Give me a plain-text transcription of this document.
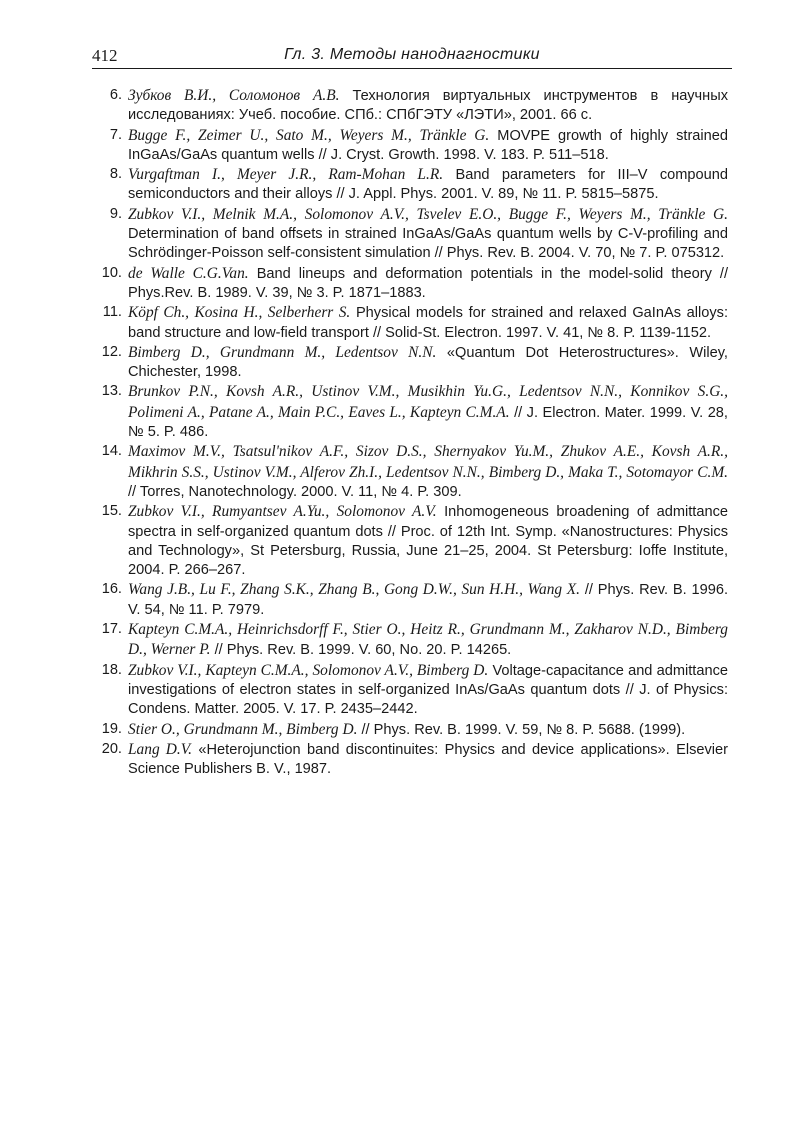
412	Гл. 3. Методы наноднагностики
6. Зубков В.И., Соломонов А.В. Технология виртуальных инструментов в научных исследованиях: Учеб. пособие. СПб.: СПбГЭТУ «ЛЭТИ», 2001. 66 с.
7. Bugge F., Zeimer U., Sato M., Weyers M., Tränkle G. MOVPE growth of highly strained InGaAs/GaAs quantum wells // J. Cryst. Growth. 1998. V. 183. P. 511–518.
8. Vurgaftman I., Meyer J.R., Ram-Mohan L.R. Band parameters for III–V compound semiconductors and their alloys // J. Appl. Phys. 2001. V. 89, № 11. P. 5815–5875.
9. Zubkov V.I., Melnik M.A., Solomonov A.V., Tsvelev E.O., Bugge F., Weyers M., Tränkle G. Determination of band offsets in strained InGaAs/GaAs quantum wells by C-V-profiling and Schrödinger-Poisson self-consistent simulation // Phys. Rev. B. 2004. V. 70, № 7. P. 075312.
10. de Walle C.G.Van. Band lineups and deformation potentials in the model-solid theory // Phys.Rev. B. 1989. V. 39, № 3. P. 1871–1883.
11. Köpf Ch., Kosina H., Selberherr S. Physical models for strained and relaxed GaInAs alloys: band structure and low-field transport // Solid-St. Electron. 1997. V. 41, № 8. P. 1139-1152.
12. Bimberg D., Grundmann M., Ledentsov N.N. «Quantum Dot Heterostructures». Wiley, Chichester, 1998.
13. Brunkov P.N., Kovsh A.R., Ustinov V.M., Musikhin Yu.G., Ledentsov N.N., Konnikov S.G., Polimeni A., Patane A., Main P.C., Eaves L., Kapteyn C.M.A. // J. Electron. Mater. 1999. V. 28, № 5. P. 486.
14. Maximov M.V., Tsatsul'nikov A.F., Sizov D.S., Shernyakov Yu.M., Zhukov A.E., Kovsh A.R., Mikhrin S.S., Ustinov V.M., Alferov Zh.I., Ledentsov N.N., Bimberg D., Maka T., Sotomayor C.M. // Torres, Nanotechnology. 2000. V. 11, № 4. P. 309.
15. Zubkov V.I., Rumyantsev A.Yu., Solomonov A.V. Inhomogeneous broadening of admittance spectra in self-organized quantum dots // Proc. of 12th Int. Symp. «Nanostructures: Physics and Technology», St Petersburg, Russia, June 21–25, 2004. St Petersburg: Ioffe Institute, 2004. P. 266–267.
16. Wang J.B., Lu F., Zhang S.K., Zhang B., Gong D.W., Sun H.H., Wang X. // Phys. Rev. B. 1996. V. 54, № 11. P. 7979.
17. Kapteyn C.M.A., Heinrichsdorff F., Stier O., Heitz R., Grundmann M., Zakharov N.D., Bimberg D., Werner P. // Phys. Rev. B. 1999. V. 60, No. 20. P. 14265.
18. Zubkov V.I., Kapteyn C.M.A., Solomonov A.V., Bimberg D. Voltage-capacitance and admittance investigations of electron states in self-organized InAs/GaAs quantum dots // J. of Physics: Condens. Matter. 2005. V. 17. P. 2435–2442.
19. Stier O., Grundmann M., Bimberg D. // Phys. Rev. B. 1999. V. 59, № 8. P. 5688. (1999).
20. Lang D.V. «Heterojunction band discontinuites: Physics and device applications». Elsevier Science Publishers B. V., 1987.
